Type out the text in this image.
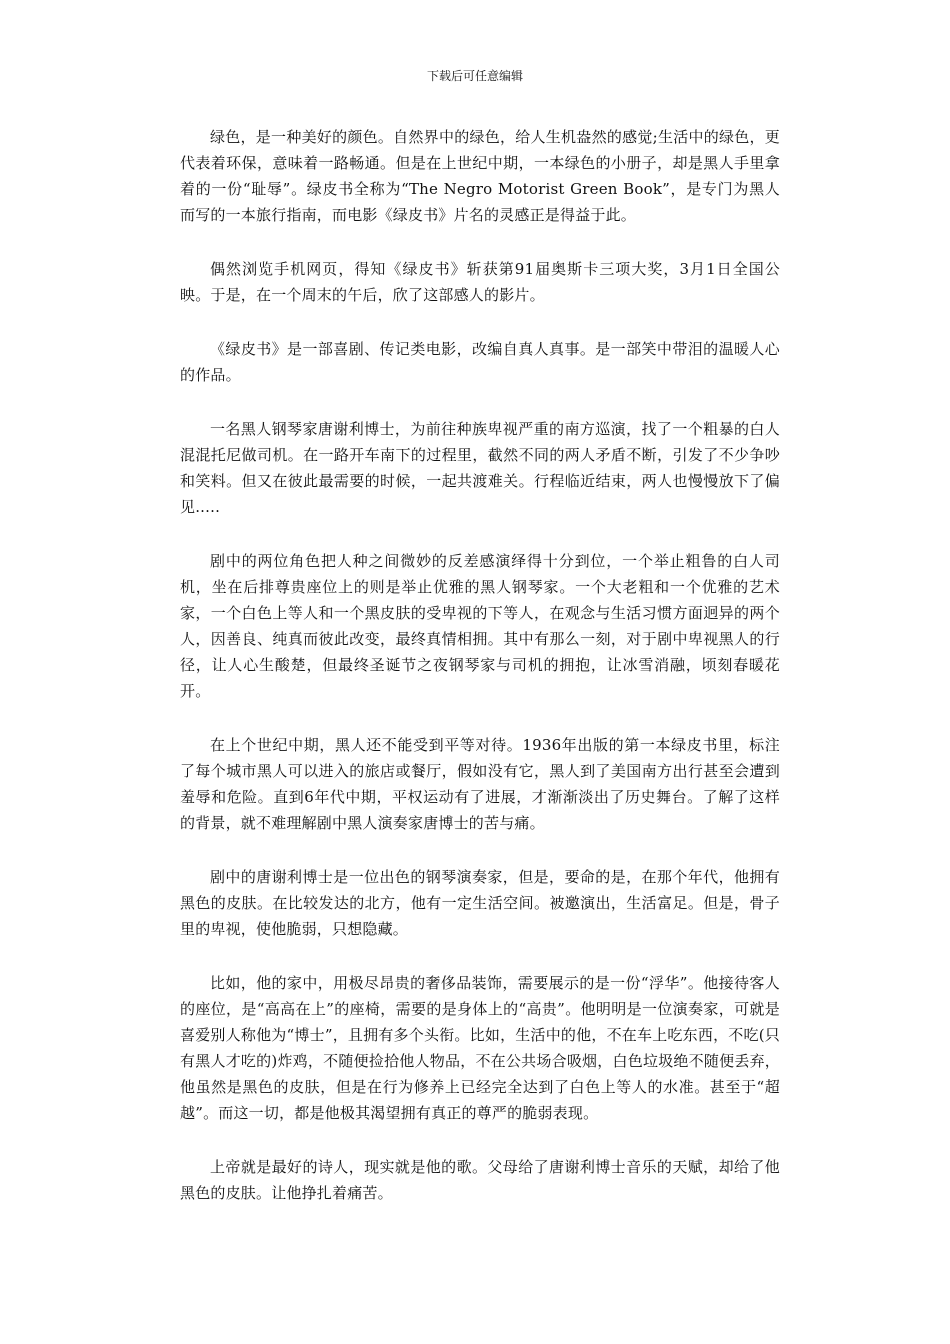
下载后可任意编辑

绿色，是一种美好的颜色。自然界中的绿色，给人生机盎然的感觉;生活中的绿色，更代表着环保，意味着一路畅通。但是在上世纪中期，一本绿色的小册子，却是黑人手里拿着的一份“耻辱”。绿皮书全称为“The Negro Motorist Green Book”，是专门为黑人而写的一本旅行指南，而电影《绿皮书》片名的灵感正是得益于此。

偶然浏览手机网页，得知《绿皮书》斩获第91届奥斯卡三项大奖，3月1日全国公映。于是，在一个周末的午后，欣了这部感人的影片。

《绿皮书》是一部喜剧、传记类电影，改编自真人真事。是一部笑中带泪的温暖人心的作品。

一名黑人钢琴家唐谢利博士，为前往种族卑视严重的南方巡演，找了一个粗暴的白人混混托尼做司机。在一路开车南下的过程里，截然不同的两人矛盾不断，引发了不少争吵和笑料。但又在彼此最需要的时候，一起共渡难关。行程临近结束，两人也慢慢放下了偏见.....

剧中的两位角色把人种之间微妙的反差感演绎得十分到位，一个举止粗鲁的白人司机，坐在后排尊贵座位上的则是举止优雅的黑人钢琴家。一个大老粗和一个优雅的艺术家，一个白色上等人和一个黑皮肤的受卑视的下等人，在观念与生活习惯方面迥异的两个人，因善良、纯真而彼此改变，最终真情相拥。其中有那么一刻，对于剧中卑视黑人的行径，让人心生酸楚，但最终圣诞节之夜钢琴家与司机的拥抱，让冰雪消融，顷刻春暖花开。

在上个世纪中期，黑人还不能受到平等对待。1936年出版的第一本绿皮书里，标注了每个城市黑人可以进入的旅店或餐厅，假如没有它，黑人到了美国南方出行甚至会遭到羞辱和危险。直到6年代中期，平权运动有了进展，才渐渐淡出了历史舞台。了解了这样的背景，就不难理解剧中黑人演奏家唐博士的苦与痛。

剧中的唐谢利博士是一位出色的钢琴演奏家，但是，要命的是，在那个年代，他拥有黑色的皮肤。在比较发达的北方，他有一定生活空间。被邀演出，生活富足。但是，骨子里的卑视，使他脆弱，只想隐藏。

比如，他的家中，用极尽昂贵的奢侈品装饰，需要展示的是一份“浮华”。他接待客人的座位，是“高高在上”的座椅，需要的是身体上的“高贵”。他明明是一位演奏家，可就是喜爱别人称他为“博士”，且拥有多个头衔。比如，生活中的他，不在车上吃东西，不吃(只有黑人才吃的)炸鸡，不随便捡拾他人物品，不在公共场合吸烟，白色垃圾绝不随便丢弃，他虽然是黑色的皮肤，但是在行为修养上已经完全达到了白色上等人的水准。甚至于“超越”。而这一切，都是他极其渴望拥有真正的尊严的脆弱表现。

上帝就是最好的诗人，现实就是他的歌。父母给了唐谢利博士音乐的天赋，却给了他黑色的皮肤。让他挣扎着痛苦。
